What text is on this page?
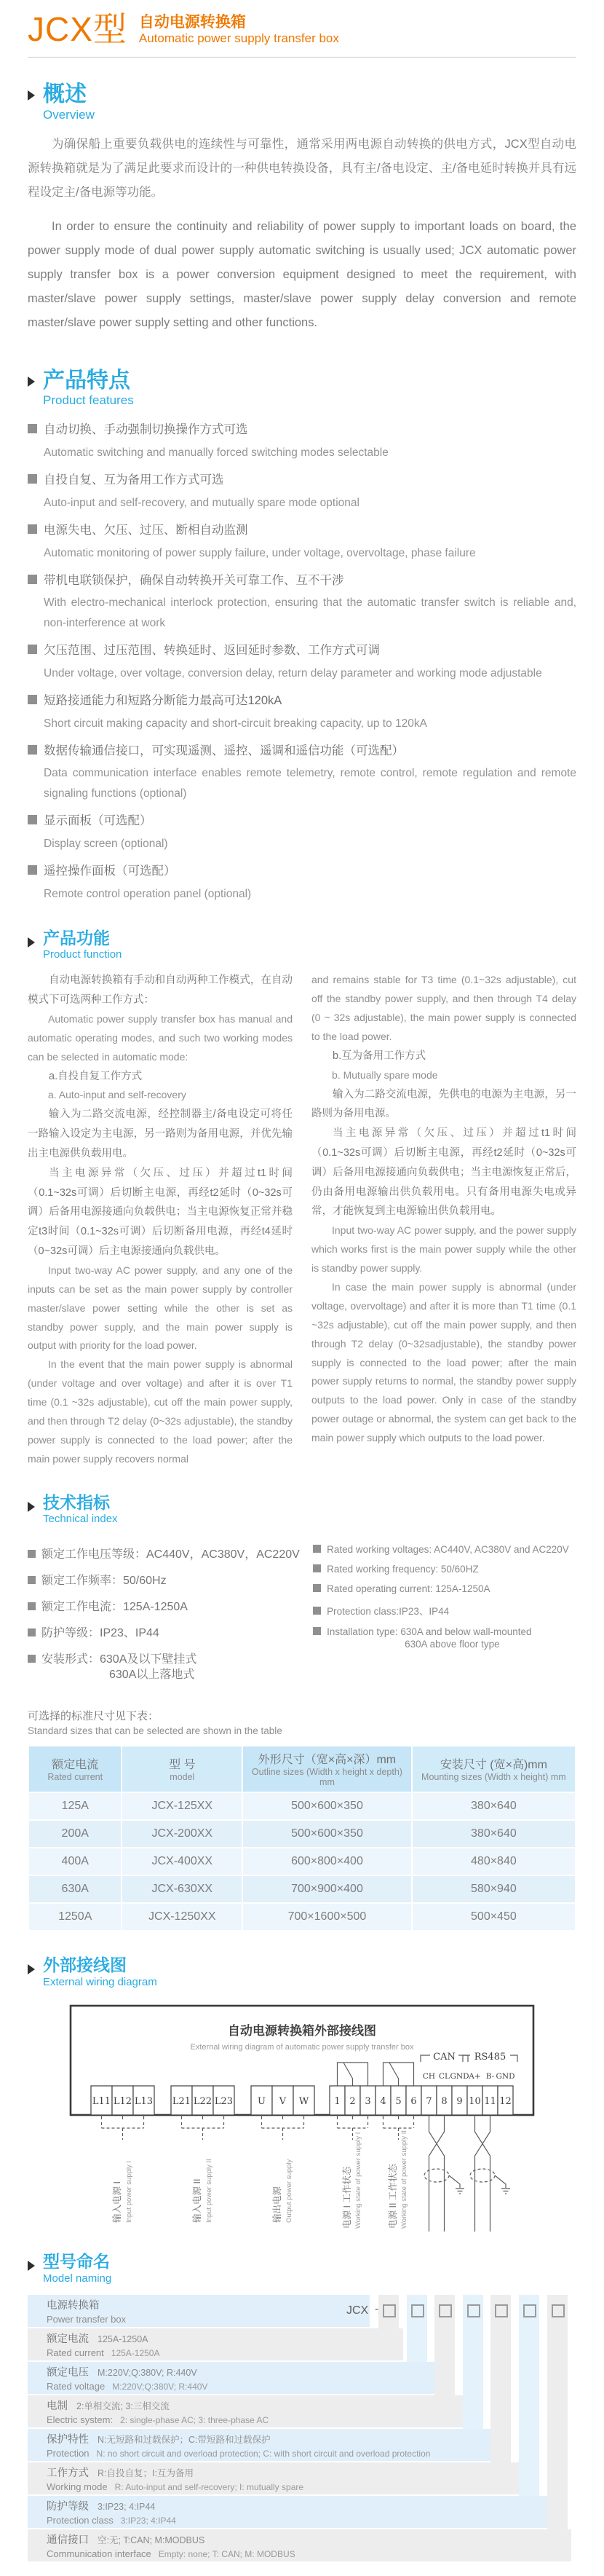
JCX型 自动电源转换箱
Automatic power supply transfer box
概述
Overview

为确保船上重要负载供电的连续性与可靠性，通常采用两电源自动转换的供电方式，JCX型自动电源转换箱就是为了满足此要求而设计的一种供电转换设备，具有主/备电设定、主/备电延时转换并具有远程设定主/备电源等功能。

In order to ensure the continuity and reliability of power supply to important loads on board, the power supply mode of dual power supply automatic switching is usually used; JCX automatic power supply transfer box is a power conversion equipment designed to meet the requirement, with master/slave power supply settings, master/slave power supply delay conversion and remote master/slave power supply setting and other functions.

产品特点
Product features
自动切换、手动强制切换操作方式可选
Automatic switching and manually forced switching modes selectable
自投自复、互为备用工作方式可选
Auto-input and self-recovery, and mutually spare mode optional
电源失电、欠压、过压、断相自动监测
Automatic monitoring of power supply failure, under voltage, overvoltage, phase failure
带机电联锁保护，确保自动转换开关可靠工作、互不干涉
With electro-mechanical interlock protection, ensuring that the automatic transfer switch is reliable and, non-interference at work
欠压范围、过压范围、转换延时、返回延时参数、工作方式可调
Under voltage, over voltage, conversion delay, return delay parameter and working mode adjustable
短路接通能力和短路分断能力最高可达120kA
Short circuit making capacity and short-circuit breaking capacity, up to 120kA
数据传输通信接口，可实现遥测、遥控、遥调和遥信功能（可选配）
Data communication interface enables remote telemetry, remote control, remote regulation and remote signaling functions (optional)
显示面板（可选配）
Display screen (optional)
遥控操作面板（可选配）
Remote control operation panel (optional)
产品功能
Product function

自动电源转换箱有手动和自动两种工作模式，在自动模式下可选两种工作方式：

Automatic power supply transfer box has manual and automatic operating modes, and such two working modes can be selected in automatic mode:

a.自投自复工作方式

a. Auto-input and self-recovery

输入为二路交流电源，经控制器主/备电设定可将任一路输入设定为主电源，另一路则为备用电源，并优先输出主电源供负载用电。

当主电源异常（欠压、过压）并超过t1时间（0.1~32s可调）后切断主电源，再经t2延时（0~32s可调）后备用电源接通向负载供电；当主电源恢复正常并稳定t3时间（0.1~32s可调）后切断备用电源，再经t4延时（0~32s可调）后主电源接通向负载供电。

Input two-way AC power supply, and any one of the inputs can be set as the main power supply by controller master/slave power setting while the other is set as standby power supply, and the main power supply is output with priority for the load power.

In the event that the main power supply is abnormal (under voltage and over voltage) and after it is over T1 time (0.1 ~32s adjustable), cut off the main power supply, and then through T2 delay (0~32s adjustable), the standby power supply is connected to the load power; after the main power supply recovers normal

and remains stable for T3 time (0.1~32s adjustable), cut off the standby power supply, and then through T4 delay (0 ~ 32s adjustable), the main power supply is connected to the load power.

b.互为备用工作方式

b. Mutually spare mode

输入为二路交流电源，先供电的电源为主电源，另一路则为备用电源。

当主电源异常（欠压、过压）并超过t1时间（0.1~32s可调）后切断主电源，再经t2延时（0~32s可调）后备用电源接通向负载供电；当主电源恢复正常后，仍由备用电源输出供负载用电。只有备用电源失电或异常，才能恢复到主电源输出供负载用电。

Input two-way AC power supply, and the power supply which works first is the main power supply while the other is standby power supply.

In case the main power supply is abnormal (under voltage, overvoltage) and after it is more than T1 time (0.1 ~32s adjustable), cut off the main power supply, and then through T2 delay (0~32sadjustable), the standby power supply is connected to the load power; after the main power supply returns to normal, the standby power supply outputs to the load power. Only in case of the standby power outage or abnormal, the system can get back to the main power supply which outputs to the load power.

技术指标
Technical index
额定工作电压等级：AC440V，AC380V，AC220V
额定工作频率：50/60Hz
额定工作电流：125A-1250A
防护等级：IP23、IP44
安装形式：630A及以下壁挂式
630A以上落地式
Rated working voltages: AC440V, AC380V and AC220V
Rated working frequency: 50/60HZ
Rated operating current: 125A-1250A
Protection class:IP23、IP44
Installation type: 630A and below wall-mounted
630A above floor type
可选择的标准尺寸见下表：
Standard sizes that can be selected are shown in the table
额定电流
Rated current	型 号
model	外形尺寸（宽×高×深）mm
Outline sizes (Width x height x depth) mm	安装尺寸 (宽×高)mm
Mounting sizes (Width x height) mm

125A	JCX-125XX	500×600×350	380×640
200A	JCX-200XX	500×600×350	380×640
400A	JCX-400XX	600×800×400	480×840
630A	JCX-630XX	700×900×400	580×940
1250A	JCX-1250XX	700×1600×500	500×450
外部接线图
External wiring diagram
自动电源转换箱外部接线图
External wiring diagram of automatic power supply transfer box
CAN RS485
CH CL GND A+ B- GND
L11 L12 L13 L21 L22 L23	U V W	1 2 3 4 5 6 7 8 9 10 11 12
输入电源 I Input power supply I	输入电源 II Input power supply II	输出电源 Output power supply	电源 I 工作状态 Working state of power supply I	电源 II 工作状态 Working state of power supply II
型号命名
Model naming
电源转换箱
Power transfer box
额定电流 125A-1250A
Rated current 125A-1250A
额定电压 M:220V;Q:380V; R:440V
Rated voltage M:220V;Q:380V; R:440V
电制 2:单相交流; 3:三相交流
Electric system: 2: single-phase AC; 3: three-phase AC
保护特性 N:无短路和过载保护；C:带短路和过载保护
Protection N: no short circuit and overload protection; C: with short circuit and overload protection
工作方式 R:自投自复；I:互为备用
Working mode R: Auto-input and self-recovery; I: mutually spare
防护等级 3:IP23; 4:IP44
Protection class 3:IP23; 4:IP44
通信接口 空:无; T:CAN; M:MODBUS
Communication interface Empty: none; T: CAN; M: MODBUS
JCX -
